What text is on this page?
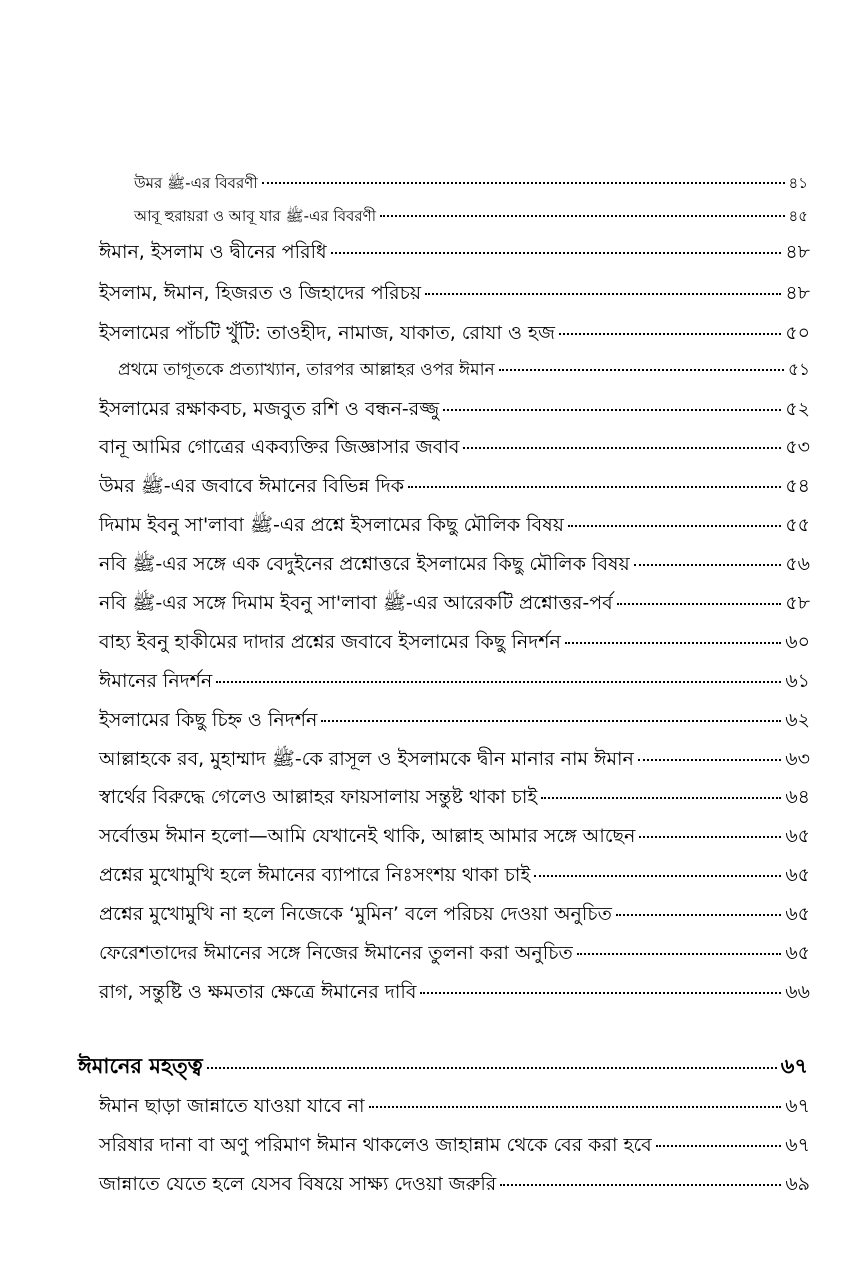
উমর ﷺ-এর বিবরণী	৪১
আবূ হুরায়রা ও আবূ যার ﷺ-এর বিবরণী	৪৫
ঈমান, ইসলাম ও দ্বীনের পরিধি	৪৮
ইসলাম, ঈমান, হিজরত ও জিহাদের পরিচয়	৪৮
ইসলামের পাঁচটি খুঁটি: তাওহীদ, নামাজ, যাকাত, রোযা ও হজ	৫০
প্রথমে তাগূতকে প্রত্যাখ্যান, তারপর আল্লাহর ওপর ঈমান	৫১
ইসলামের রক্ষাকবচ, মজবুত রশি ও বন্ধন-রজ্জু	৫২
বানূ আমির গোত্রের একব্যক্তির জিজ্ঞাসার জবাব	৫৩
উমর ﷺ-এর জবাবে ঈমানের বিভিন্ন দিক	৫৪
দিমাম ইবনু সা'লাবা ﷺ-এর প্রশ্নে ইসলামের কিছু মৌলিক বিষয়	৫৫
নবি ﷺ-এর সঙ্গে এক বেদুইনের প্রশ্নোত্তরে ইসলামের কিছু মৌলিক বিষয়	৫৬
নবি ﷺ-এর সঙ্গে দিমাম ইবনু সা'লাবা ﷺ-এর আরেকটি প্রশ্নোত্তর-পর্ব	৫৮
বাহ্য ইবনু হাকীমের দাদার প্রশ্নের জবাবে ইসলামের কিছু নিদর্শন	৬০
ঈমানের নিদর্শন	৬১
ইসলামের কিছু চিহ্ন ও নিদর্শন	৬২
আল্লাহকে রব, মুহাম্মাদ ﷺ-কে রাসূল ও ইসলামকে দ্বীন মানার নাম ঈমান	৬৩
স্বার্থের বিরুদ্ধে গেলেও আল্লাহর ফায়সালায় সন্তুষ্ট থাকা চাই	৬৪
সর্বোত্তম ঈমান হলো—আমি যেখানেই থাকি, আল্লাহ আমার সঙ্গে আছেন	৬৫
প্রশ্নের মুখোমুখি হলে ঈমানের ব্যাপারে নিঃসংশয় থাকা চাই	৬৫
প্রশ্নের মুখোমুখি না হলে নিজেকে ‘মুমিন’ বলে পরিচয় দেওয়া অনুচিত	৬৫
ফেরেশতাদের ঈমানের সঙ্গে নিজের ঈমানের তুলনা করা অনুচিত	৬৫
রাগ, সন্তুষ্টি ও ক্ষমতার ক্ষেত্রে ঈমানের দাবি	৬৬
ঈমানের মহত্ত্ব	৬৭
ঈমান ছাড়া জান্নাতে যাওয়া যাবে না	৬৭
সরিষার দানা বা অণু পরিমাণ ঈমান থাকলেও জাহান্নাম থেকে বের করা হবে	৬৭
জান্নাতে যেতে হলে যেসব বিষয়ে সাক্ষ্য দেওয়া জরুরি	৬৯
